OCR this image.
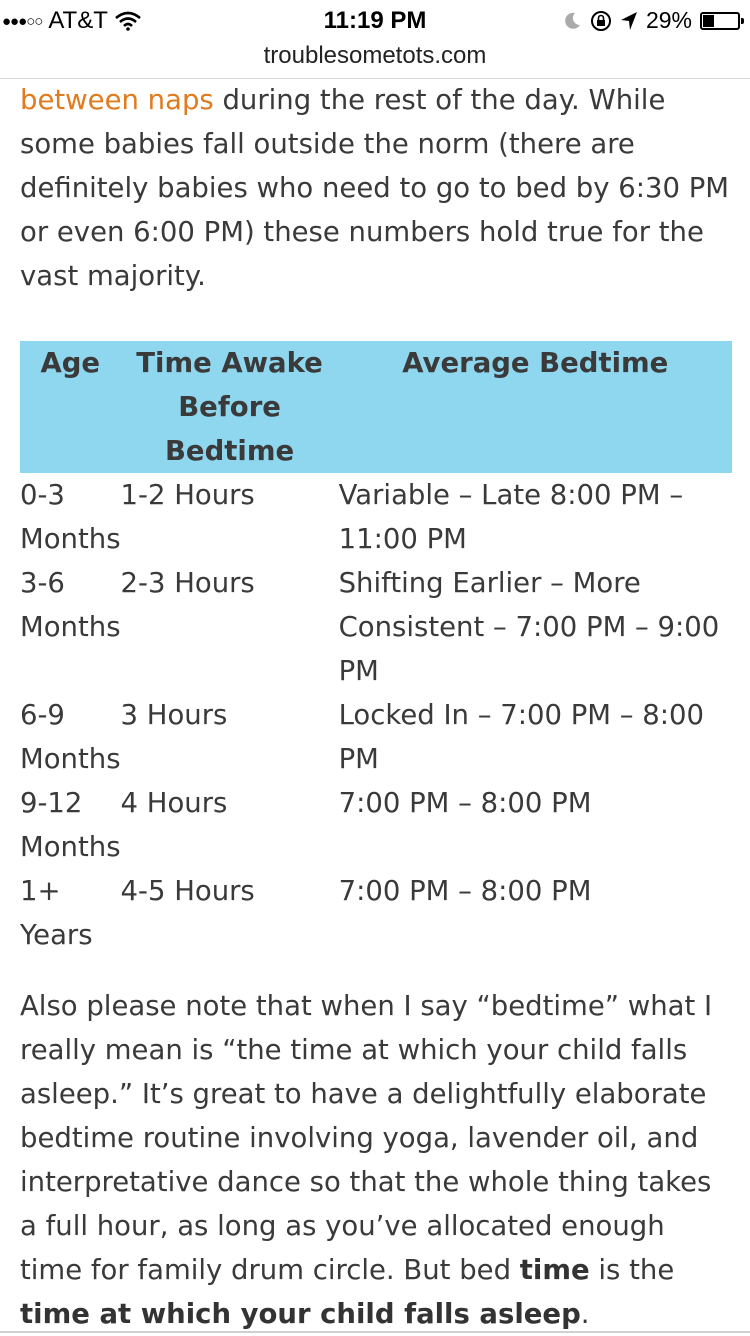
●●●○○ AT&T	11:19 PM	29%
troublesometots.com

between naps during the rest of the day. While
some babies fall outside the norm (there are
definitely babies who need to go to bed by 6:30 PM
or even 6:00 PM) these numbers hold true for the
vast majority.

Age	Time Awake Before Bedtime	Average Bedtime
0-3 Months	1-2 Hours	Variable – Late 8:00 PM – 11:00 PM
3-6 Months	2-3 Hours	Shifting Earlier – More Consistent – 7:00 PM – 9:00 PM
6-9 Months	3 Hours	Locked In – 7:00 PM – 8:00 PM
9-12 Months	4 Hours	7:00 PM – 8:00 PM
1+ Years	4-5 Hours	7:00 PM – 8:00 PM

Also please note that when I say “bedtime” what I really mean is “the time at which your child falls asleep.” It’s great to have a delightfully elaborate bedtime routine involving yoga, lavender oil, and interpretative dance so that the whole thing takes a full hour, as long as you’ve allocated enough time for family drum circle. But bed time is the time at which your child falls asleep.
